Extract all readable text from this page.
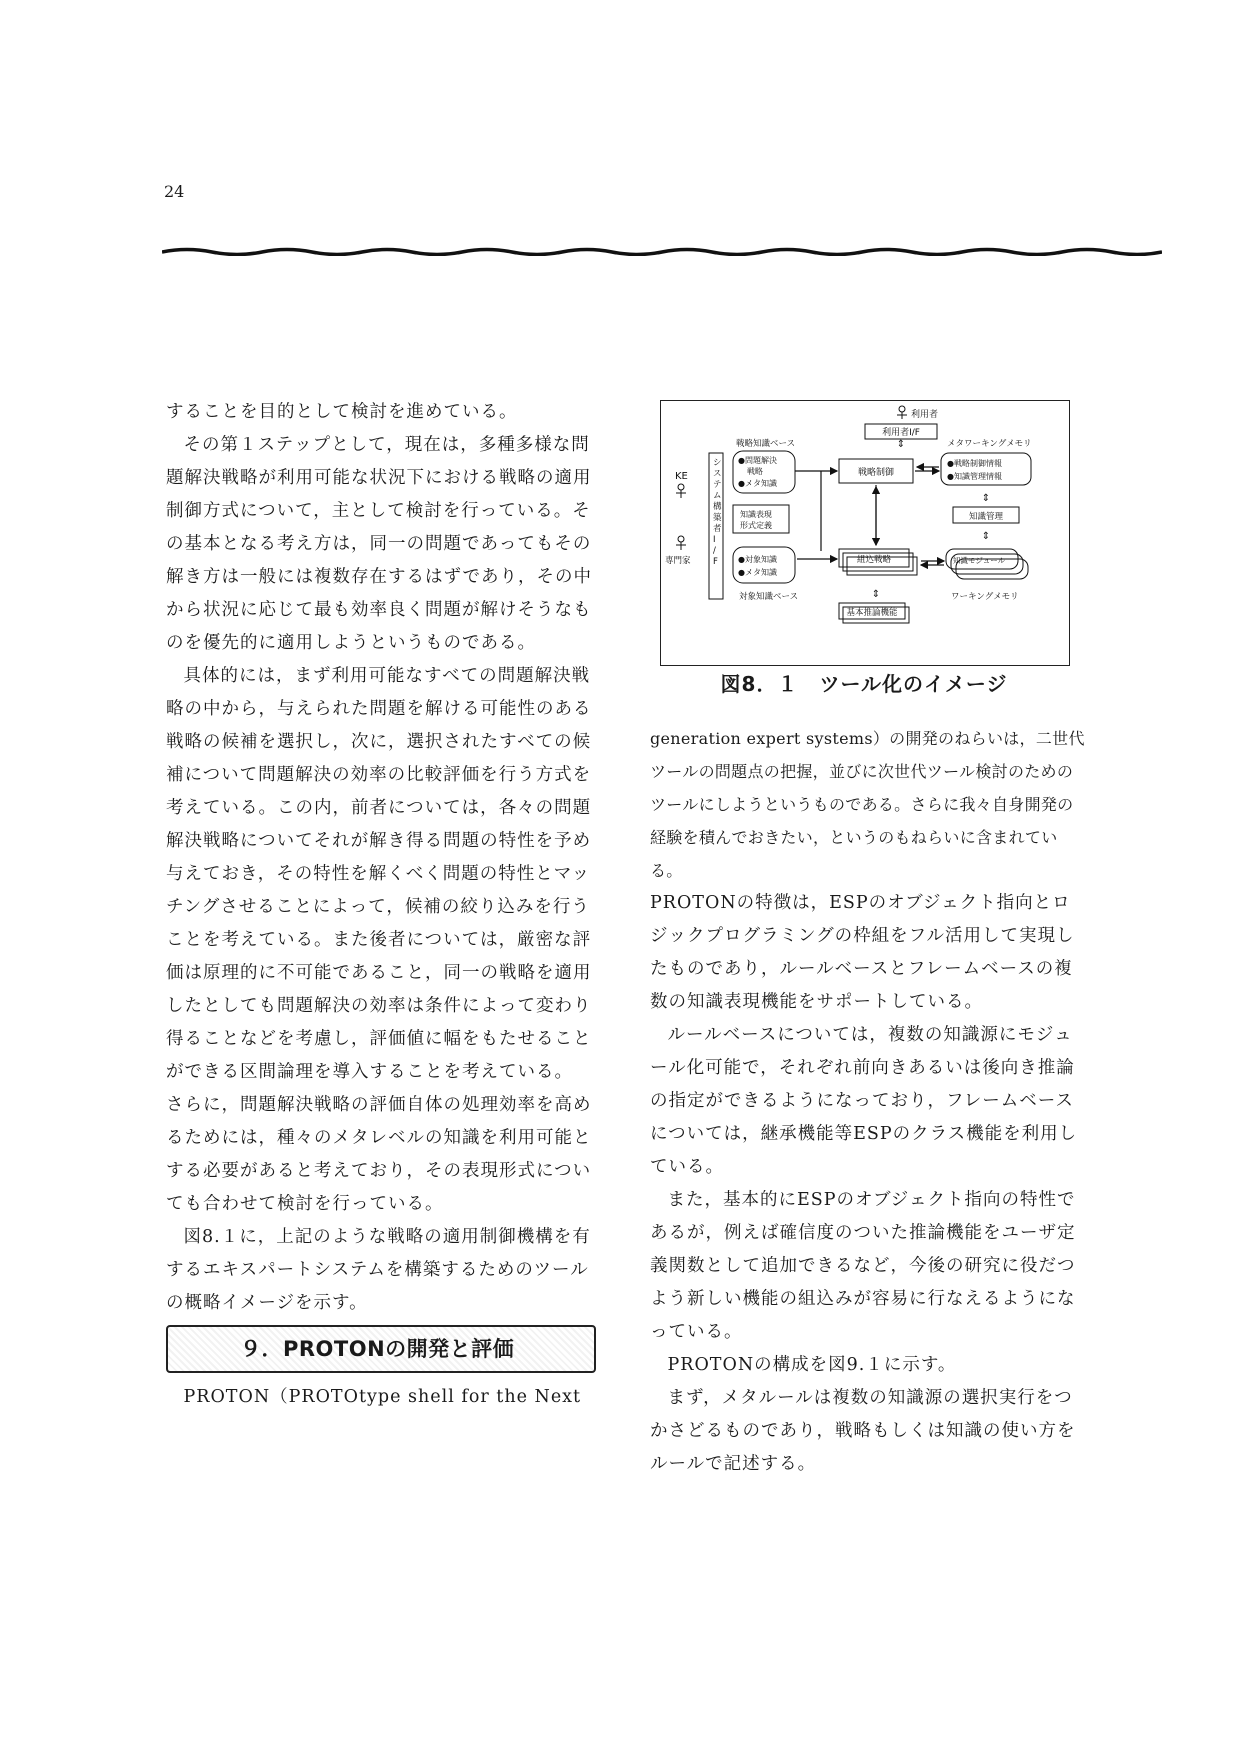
24

することを目的として検討を進めている。

その第１ステップとして，現在は，多種多様な問題解決戦略が利用可能な状況下における戦略の適用制御方式について，主として検討を行っている。その基本となる考え方は，同一の問題であってもその解き方は一般には複数存在するはずであり，その中から状況に応じて最も効率良く問題が解けそうなものを優先的に適用しようというものである。

具体的には，まず利用可能なすべての問題解決戦略の中から，与えられた問題を解ける可能性のある戦略の候補を選択し，次に，選択されたすべての候補について問題解決の効率の比較評価を行う方式を考えている。この内，前者については，各々の問題解決戦略についてそれが解き得る問題の特性を予め与えておき，その特性を解くべく問題の特性とマッチングさせることによって，候補の絞り込みを行うことを考えている。また後者については，厳密な評価は原理的に不可能であること，同一の戦略を適用したとしても問題解決の効率は条件によって変わり得ることなどを考慮し，評価値に幅をもたせることができる区間論理を導入することを考えている。

さらに，問題解決戦略の評価自体の処理効率を高めるためには，種々のメタレベルの知識を利用可能とする必要があると考えており，その表現形式についても合わせて検討を行っている。

図8.１に，上記のような戦略の適用制御機構を有するエキスパートシステムを構築するためのツールの概略イメージを示す。

９．PROTONの開発と評価

PROTON（PROTOtype shell for the Next

利用者
利用者I/F
戦略知識ベース	メタワーキングメモリ
⇕
KE
システ ム構築 者 I / F
●問題解決 戦略 ●メタ知識
知識表現 形式定義
専門家	●対象知識 ●メタ知識
対象知識ベース
戦略制御
●戦略制御情報 ●知識管理情報
知識管理
⇕
⇕
組込戦略	知識モジュール
ワーキングメモリ
基本推論機能
⇕
図8．１　ツール化のイメージ

generation expert systems）の開発のねらいは，二世代ツールの問題点の把握，並びに次世代ツール検討のためのツールにしようというものである。さらに我々自身開発の経験を積んでおきたい，というのもねらいに含まれている。

PROTONの特徴は，ESPのオブジェクト指向とロジックプログラミングの枠組をフル活用して実現したものであり，ルールベースとフレームベースの複数の知識表現機能をサポートしている。

ルールベースについては，複数の知識源にモジュール化可能で，それぞれ前向きあるいは後向き推論の指定ができるようになっており，フレームベースについては，継承機能等ESPのクラス機能を利用している。

また，基本的にESPのオブジェクト指向の特性であるが，例えば確信度のついた推論機能をユーザ定義関数として追加できるなど，今後の研究に役だつよう新しい機能の組込みが容易に行なえるようになっている。

PROTONの構成を図9.１に示す。

まず，メタルールは複数の知識源の選択実行をつかさどるものであり，戦略もしくは知識の使い方をルールで記述する。
